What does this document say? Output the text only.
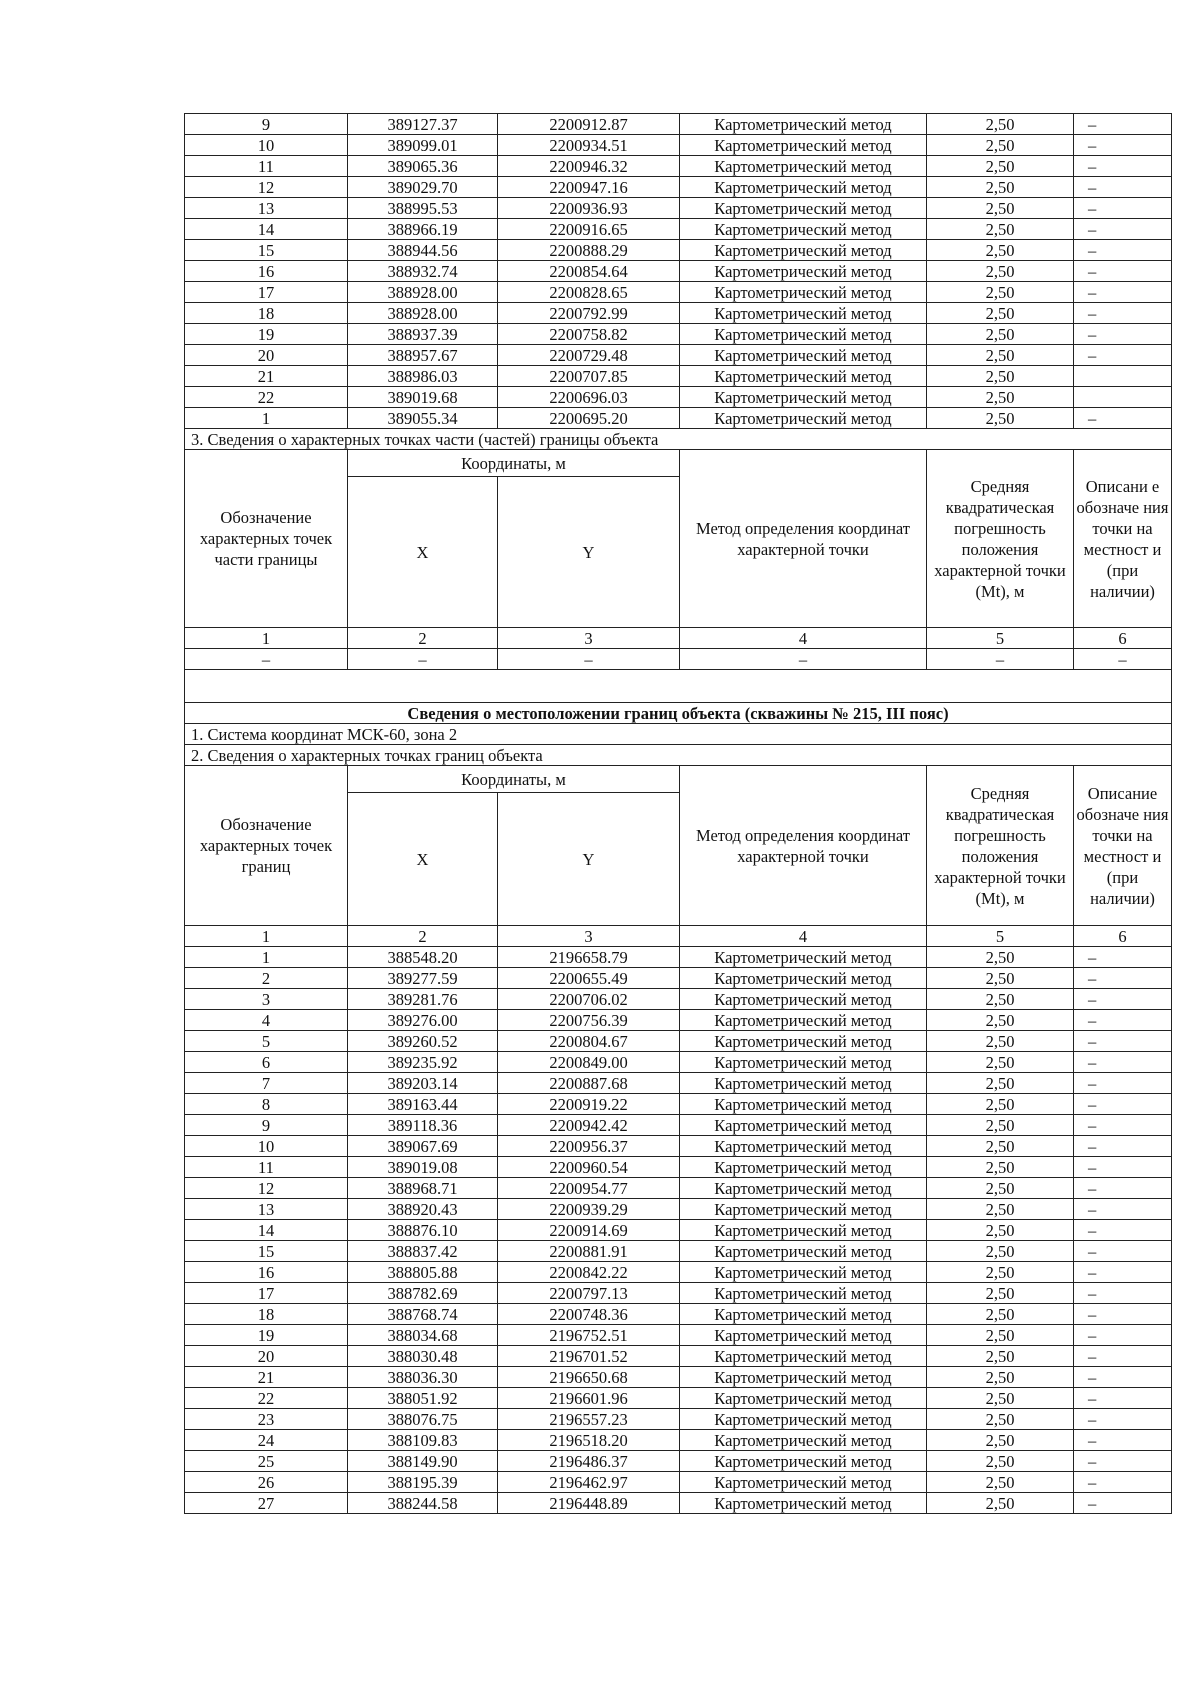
9	389127.37	2200912.87	Картометрический метод	2,50	–
10	389099.01	2200934.51	Картометрический метод	2,50	–
11	389065.36	2200946.32	Картометрический метод	2,50	–
12	389029.70	2200947.16	Картометрический метод	2,50	–
13	388995.53	2200936.93	Картометрический метод	2,50	–
14	388966.19	2200916.65	Картометрический метод	2,50	–
15	388944.56	2200888.29	Картометрический метод	2,50	–
16	388932.74	2200854.64	Картометрический метод	2,50	–
17	388928.00	2200828.65	Картометрический метод	2,50	–
18	388928.00	2200792.99	Картометрический метод	2,50	–
19	388937.39	2200758.82	Картометрический метод	2,50	–
20	388957.67	2200729.48	Картометрический метод	2,50	–
21	388986.03	2200707.85	Картометрический метод	2,50	
22	389019.68	2200696.03	Картометрический метод	2,50	
1	389055.34	2200695.20	Картометрический метод	2,50	–
3. Сведения о характерных точках части (частей) границы объекта					
Обозначение характерных точек части границы	Координаты, м		Метод определения координат характерной точки	Средняя квадратическая погрешность положения характерной точки (Mt), м	Описани е обозначе ния точки на местност и (при наличии)
	X	Y			
1	2	3	4	5	6
–	–	–	–	–	–

Сведения о местоположении границ объекта (скважины № 215, III пояс)					
1. Система координат МСК-60, зона 2					
2. Сведения о характерных точках границ объекта					
Обозначение характерных точек границ	Координаты, м		Метод определения координат характерной точки	Средняя квадратическая погрешность положения характерной точки (Mt), м	Описание обозначе ния точки на местност и (при наличии)
	X	Y			
1	2	3	4	5	6
1	388548.20	2196658.79	Картометрический метод	2,50	–
2	389277.59	2200655.49	Картометрический метод	2,50	–
3	389281.76	2200706.02	Картометрический метод	2,50	–
4	389276.00	2200756.39	Картометрический метод	2,50	–
5	389260.52	2200804.67	Картометрический метод	2,50	–
6	389235.92	2200849.00	Картометрический метод	2,50	–
7	389203.14	2200887.68	Картометрический метод	2,50	–
8	389163.44	2200919.22	Картометрический метод	2,50	–
9	389118.36	2200942.42	Картометрический метод	2,50	–
10	389067.69	2200956.37	Картометрический метод	2,50	–
11	389019.08	2200960.54	Картометрический метод	2,50	–
12	388968.71	2200954.77	Картометрический метод	2,50	–
13	388920.43	2200939.29	Картометрический метод	2,50	–
14	388876.10	2200914.69	Картометрический метод	2,50	–
15	388837.42	2200881.91	Картометрический метод	2,50	–
16	388805.88	2200842.22	Картометрический метод	2,50	–
17	388782.69	2200797.13	Картометрический метод	2,50	–
18	388768.74	2200748.36	Картометрический метод	2,50	–
19	388034.68	2196752.51	Картометрический метод	2,50	–
20	388030.48	2196701.52	Картометрический метод	2,50	–
21	388036.30	2196650.68	Картометрический метод	2,50	–
22	388051.92	2196601.96	Картометрический метод	2,50	–
23	388076.75	2196557.23	Картометрический метод	2,50	–
24	388109.83	2196518.20	Картометрический метод	2,50	–
25	388149.90	2196486.37	Картометрический метод	2,50	–
26	388195.39	2196462.97	Картометрический метод	2,50	–
27	388244.58	2196448.89	Картометрический метод	2,50	–
